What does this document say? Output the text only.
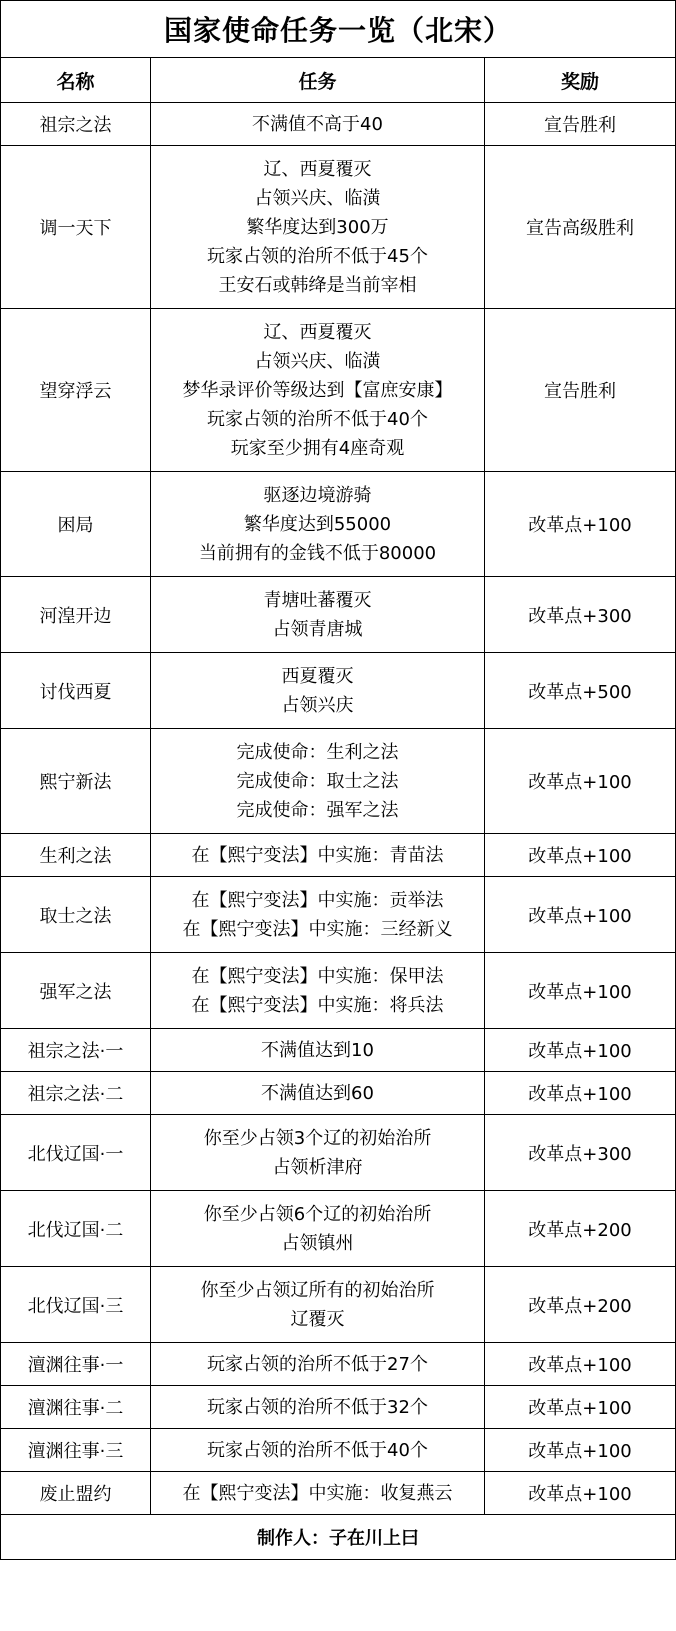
国家使命任务一览（北宋）		
名称	任务	奖励
祖宗之法	不满值不高于40	宣告胜利
调一天下	辽、西夏覆灭
占领兴庆、临潢
繁华度达到300万
玩家占领的治所不低于45个
王安石或韩绛是当前宰相	宣告高级胜利
望穿浮云	辽、西夏覆灭
占领兴庆、临潢
梦华录评价等级达到【富庶安康】
玩家占领的治所不低于40个
玩家至少拥有4座奇观	宣告胜利
困局	驱逐边境游骑
繁华度达到55000
当前拥有的金钱不低于80000	改革点+100
河湟开边	青塘吐蕃覆灭
占领青唐城	改革点+300
讨伐西夏	西夏覆灭
占领兴庆	改革点+500
熙宁新法	完成使命：生利之法
完成使命：取士之法
完成使命：强军之法	改革点+100
生利之法	在【熙宁变法】中实施：青苗法	改革点+100
取士之法	在【熙宁变法】中实施：贡举法
在【熙宁变法】中实施：三经新义	改革点+100
强军之法	在【熙宁变法】中实施：保甲法
在【熙宁变法】中实施：将兵法	改革点+100
祖宗之法·一	不满值达到10	改革点+100
祖宗之法·二	不满值达到60	改革点+100
北伐辽国·一	你至少占领3个辽的初始治所
占领析津府	改革点+300
北伐辽国·二	你至少占领6个辽的初始治所
占领镇州	改革点+200
北伐辽国·三	你至少占领辽所有的初始治所
辽覆灭	改革点+200
澶渊往事·一	玩家占领的治所不低于27个	改革点+100
澶渊往事·二	玩家占领的治所不低于32个	改革点+100
澶渊往事·三	玩家占领的治所不低于40个	改革点+100
废止盟约	在【熙宁变法】中实施：收复燕云	改革点+100
制作人：子在川上曰		
